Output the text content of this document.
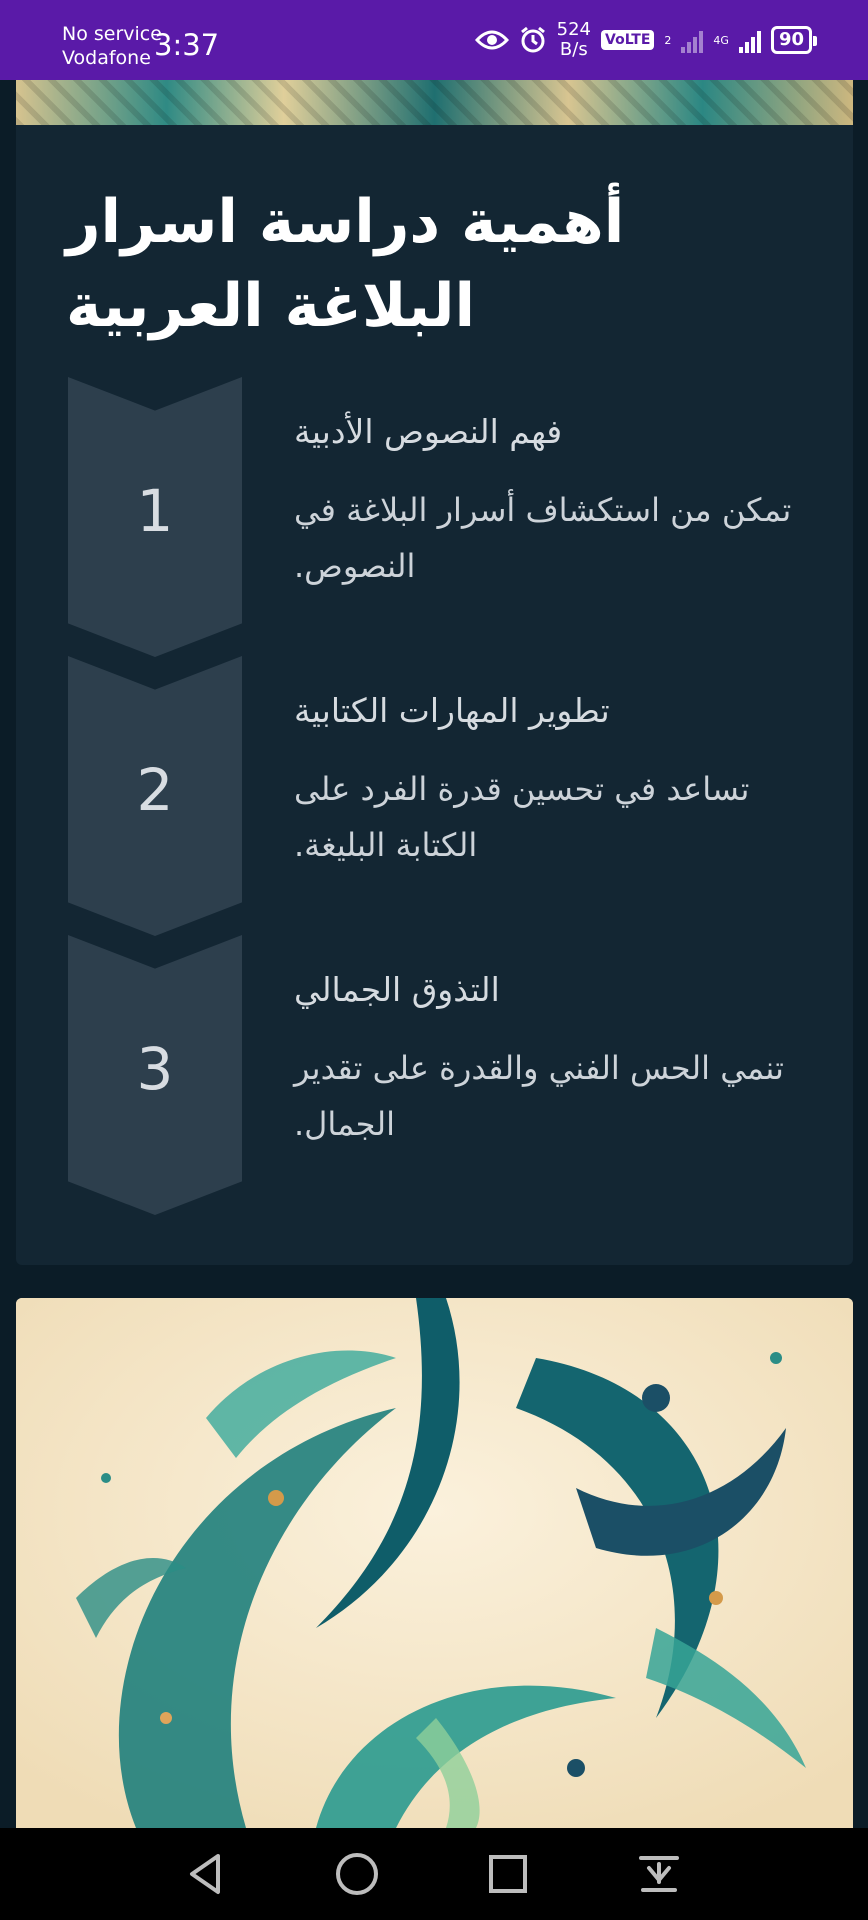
No service
Vodafone 3:37	524
B/s VoLTE	2	4G	90
أهمية دراسة اسرار البلاغة العربية
1
فهم النصوص الأدبية
تمكن من استكشاف أسرار البلاغة في النصوص.
2
تطوير المهارات الكتابية
تساعد في تحسين قدرة الفرد على الكتابة البليغة.
3
التذوق الجمالي
تنمي الحس الفني والقدرة على تقدير الجمال.
